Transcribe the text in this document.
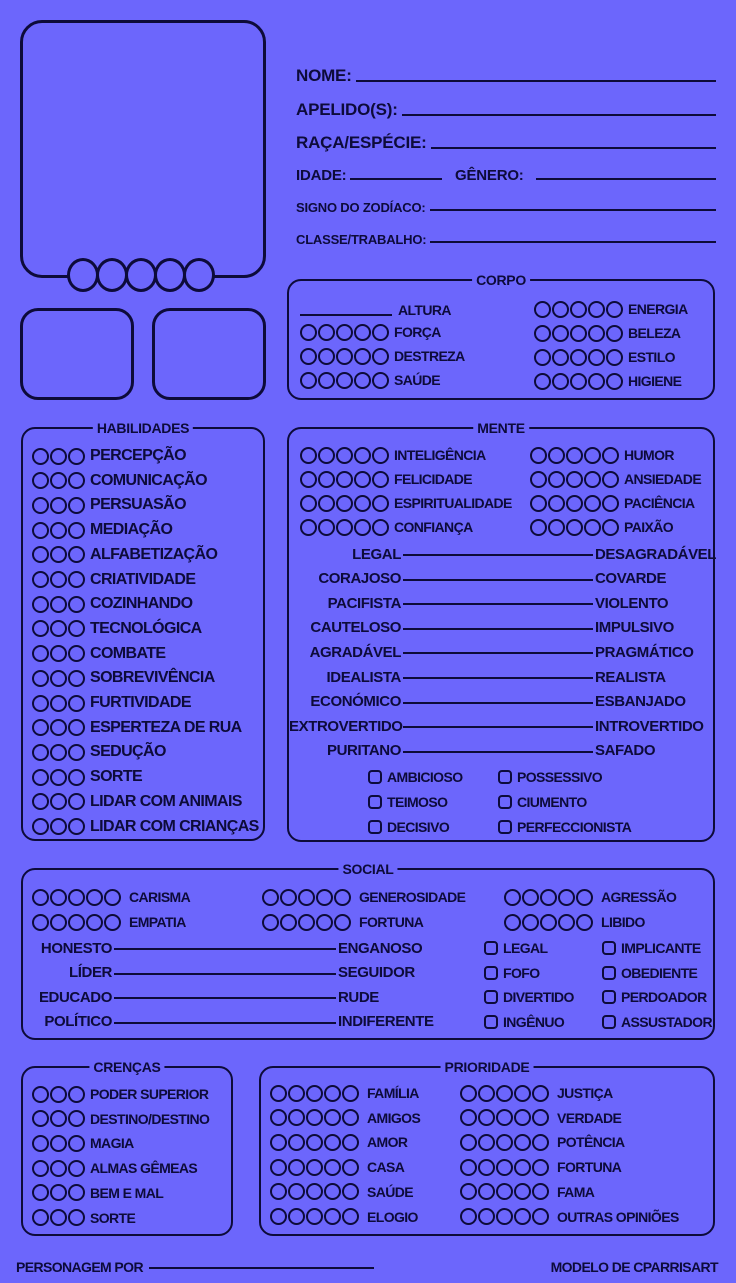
NOME:
APELIDO(S):
RAÇA/ESPÉCIE:
IDADE:	GÊNERO:
SIGNO DO ZODÍACO:
CLASSE/TRABALHO:
CORPO
ALTURA
FORÇA
DESTREZA
SAÚDE
ENERGIA
BELEZA
ESTILO
HIGIENE
HABILIDADES
PERCEPÇÃO
COMUNICAÇÃO
PERSUASÃO
MEDIAÇÃO
ALFABETIZAÇÃO
CRIATIVIDADE
COZINHANDO
TECNOLÓGICA
COMBATE
SOBREVIVÊNCIA
FURTIVIDADE
ESPERTEZA DE RUA
SEDUÇÃO
SORTE
LIDAR COM ANIMAIS
LIDAR COM CRIANÇAS
MENTE
INTELIGÊNCIA
FELICIDADE
ESPIRITUALIDADE
CONFIANÇA
HUMOR
ANSIEDADE
PACIÊNCIA
PAIXÃO
LEGAL	DESAGRADÁVEL
CORAJOSO	COVARDE
PACIFISTA	VIOLENTO
CAUTELOSO	IMPULSIVO
AGRADÁVEL	PRAGMÁTICO
IDEALISTA	REALISTA
ECONÓMICO	ESBANJADO
EXTROVERTIDO	INTROVERTIDO
PURITANO	SAFADO
AMBICIOSO
TEIMOSO
DECISIVO
POSSESSIVO
CIUMENTO
PERFECCIONISTA
SOCIAL
CARISMA
EMPATIA
GENEROSIDADE
FORTUNA
AGRESSÃO
LIBIDO
HONESTO	ENGANOSO
LÍDER	SEGUIDOR
EDUCADO	RUDE
POLÍTICO	INDIFERENTE
LEGAL
FOFO
DIVERTIDO
INGÊNUO
IMPLICANTE
OBEDIENTE
PERDOADOR
ASSUSTADOR
CRENÇAS
PODER SUPERIOR
DESTINO/DESTINO
MAGIA
ALMAS GÊMEAS
BEM E MAL
SORTE
PRIORIDADE
FAMÍLIA
AMIGOS
AMOR
CASA
SAÚDE
ELOGIO
JUSTIÇA
VERDADE
POTÊNCIA
FORTUNA
FAMA
OUTRAS OPINIÕES
PERSONAGEM POR	MODELO DE CPARRISART
